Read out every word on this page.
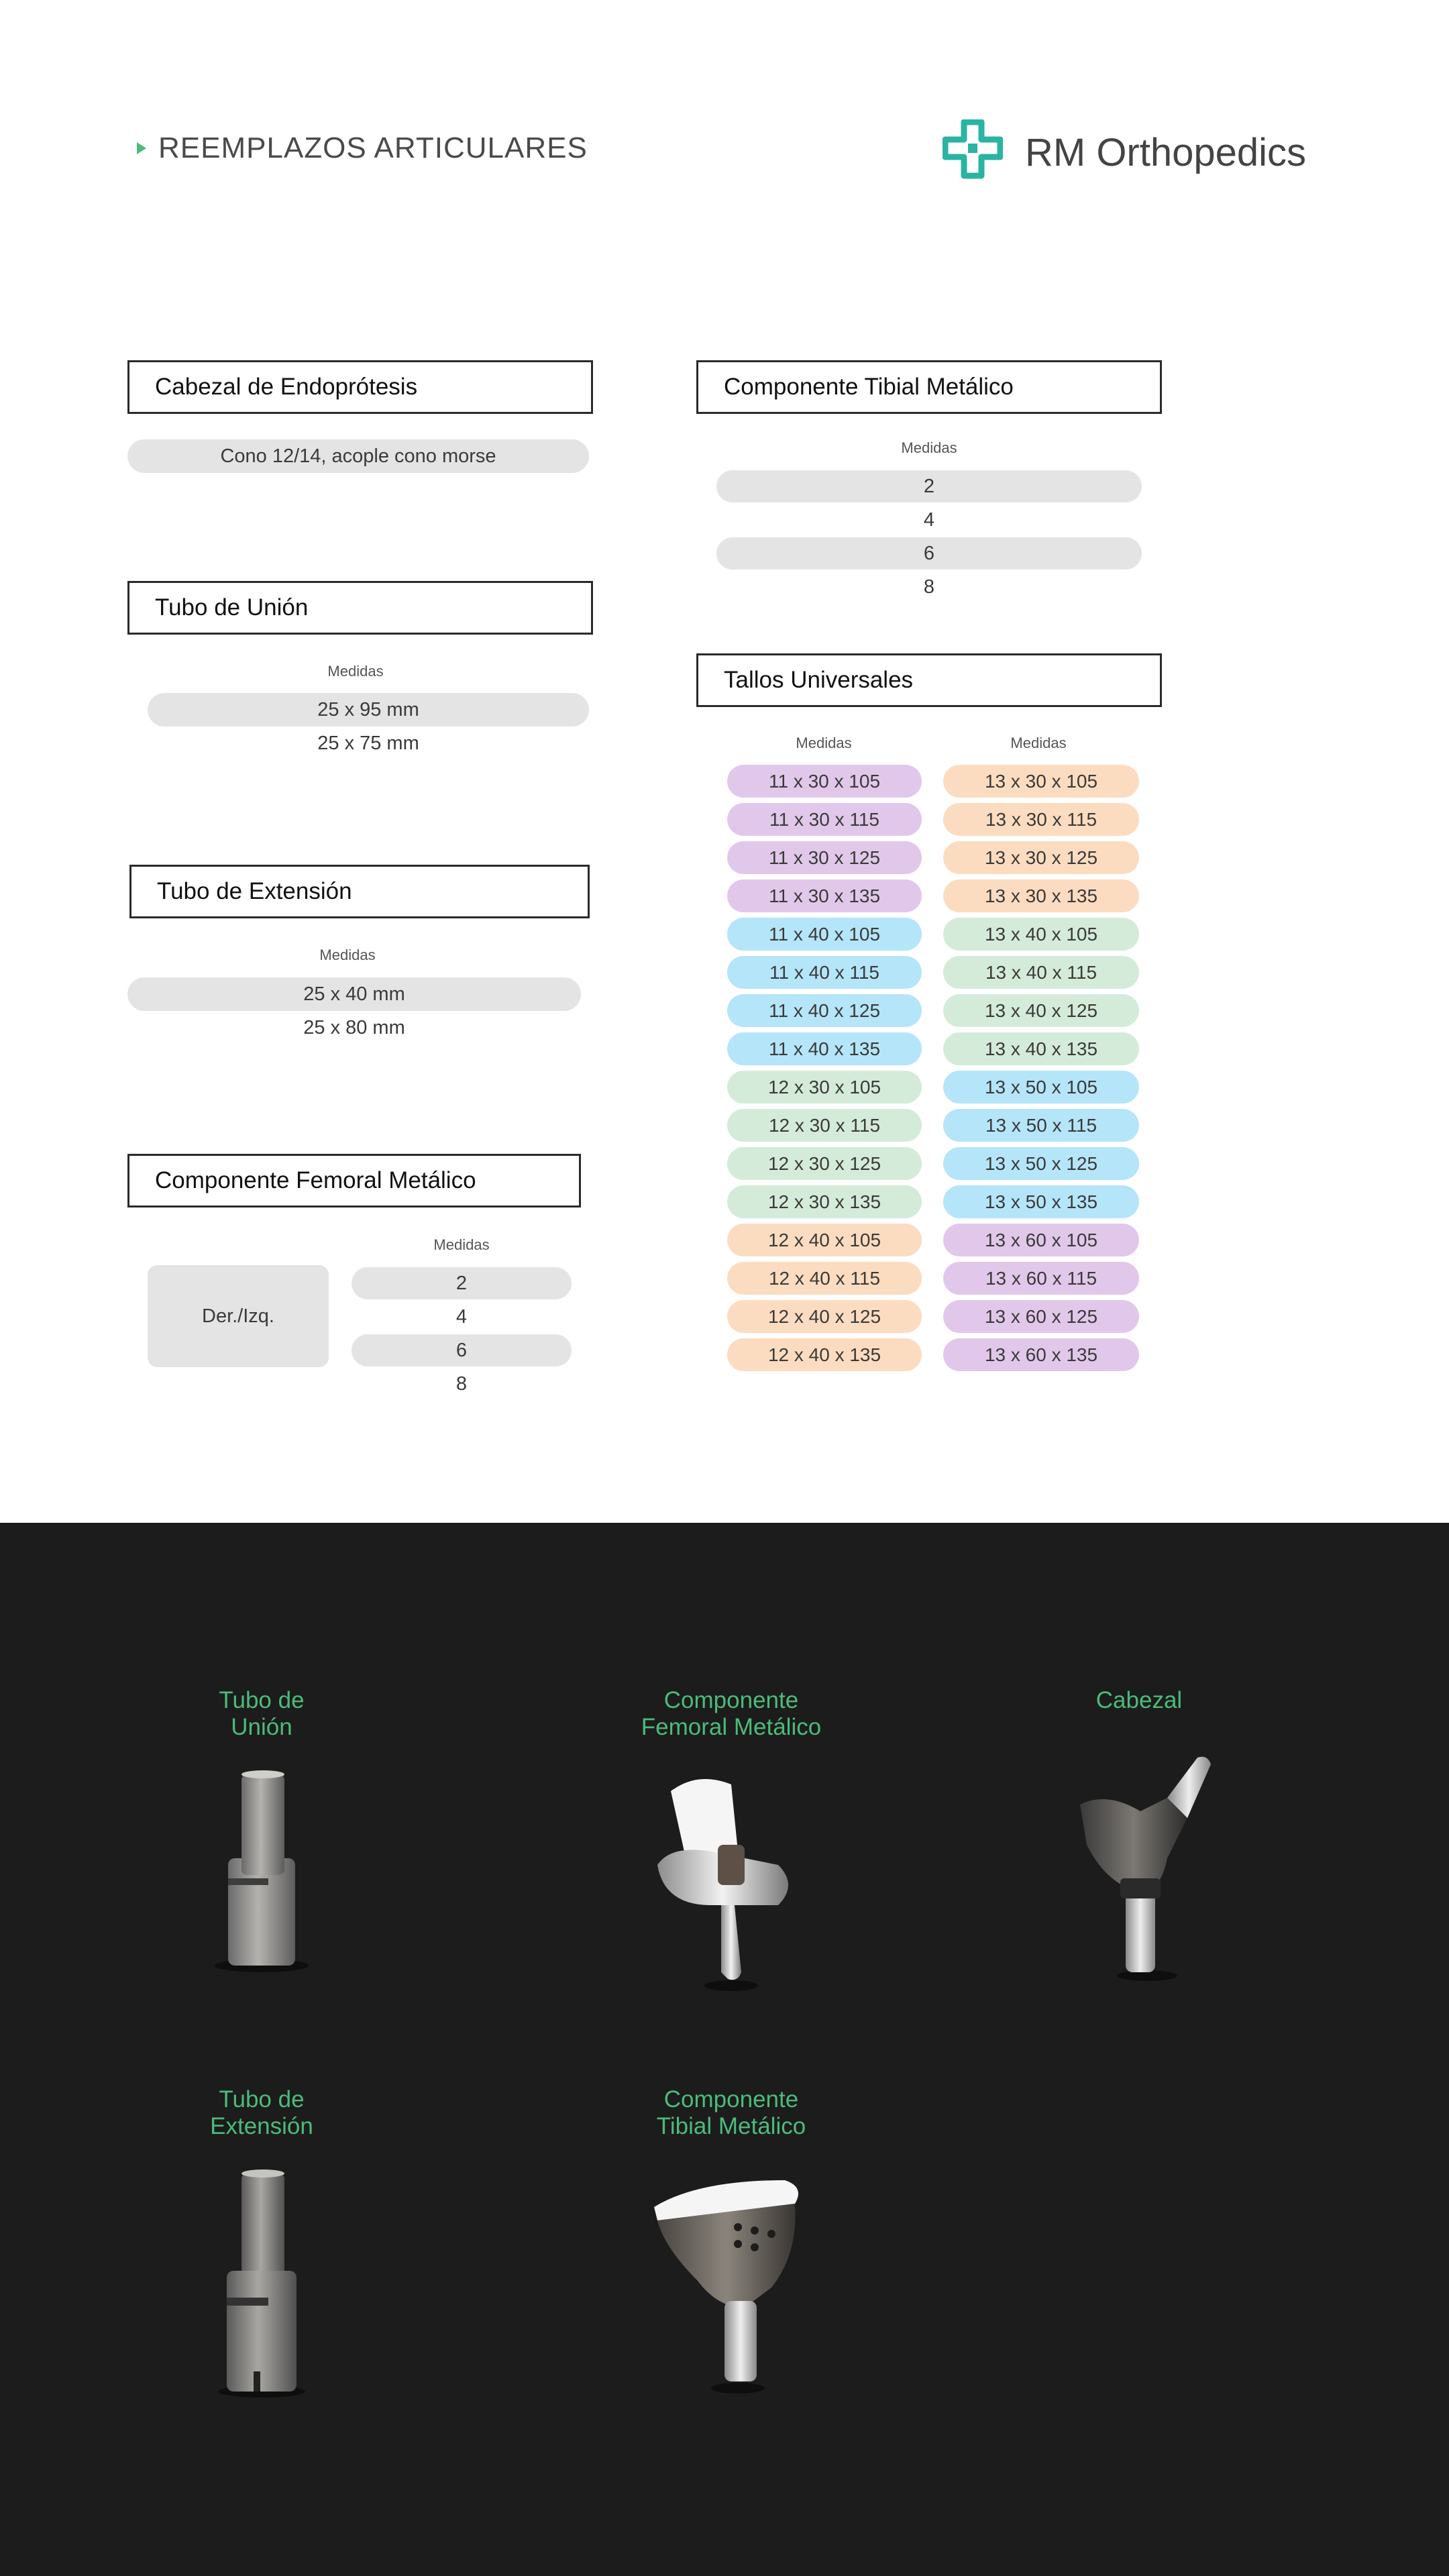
REEMPLAZOS ARTICULARES	RM Orthopedics
Cabezal de Endoprótesis
Cono 12/14, acople cono morse
Tubo de Unión
Medidas
25 x 95 mm
25 x 75 mm
Tubo de Extensión
Medidas
25 x 40 mm
25 x 80 mm
Componente Femoral Metálico
Medidas
Der./Izq.
2
4
6
8
Componente Tibial Metálico
Medidas
2
4
6
8
Tallos Universales
Medidas	Medidas
11 x 30 x 105
11 x 30 x 115
11 x 30 x 125
11 x 30 x 135
11 x 40 x 105
11 x 40 x 115
11 x 40 x 125
11 x 40 x 135
12 x 30 x 105
12 x 30 x 115
12 x 30 x 125
12 x 30 x 135
12 x 40 x 105
12 x 40 x 115
12 x 40 x 125
12 x 40 x 135
13 x 30 x 105
13 x 30 x 115
13 x 30 x 125
13 x 30 x 135
13 x 40 x 105
13 x 40 x 115
13 x 40 x 125
13 x 40 x 135
13 x 50 x 105
13 x 50 x 115
13 x 50 x 125
13 x 50 x 135
13 x 60 x 105
13 x 60 x 115
13 x 60 x 125
13 x 60 x 135
Tubo de
Unión
Componente
Femoral Metálico
Cabezal
Tubo de
Extensión
Componente
Tibial Metálico
